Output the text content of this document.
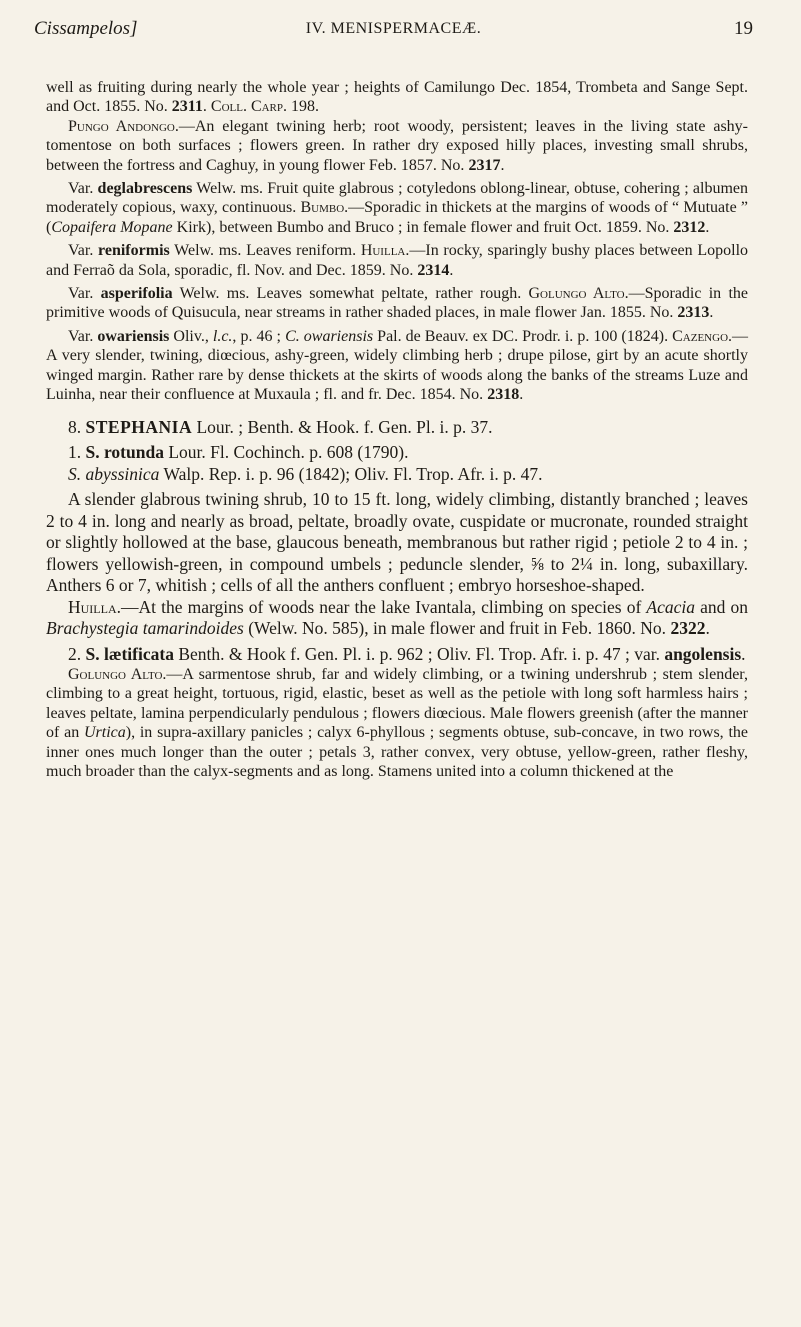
Cissampelos]	IV. MENISPERMACEÆ.	19

well as fruiting during nearly the whole year ; heights of Camilungo Dec. 1854, Trombeta and Sange Sept. and Oct. 1855. No. 2311. Coll. Carp. 198.

Pungo Andongo.—An elegant twining herb; root woody, persistent; leaves in the living state ashy-tomentose on both surfaces ; flowers green. In rather dry exposed hilly places, investing small shrubs, between the fortress and Caghuy, in young flower Feb. 1857. No. 2317.

Var. deglabrescens Welw. ms. Fruit quite glabrous ; cotyledons oblong-linear, obtuse, cohering ; albumen moderately copious, waxy, continuous. Bumbo.—Sporadic in thickets at the margins of woods of “ Mutuate ” (Copaifera Mopane Kirk), between Bumbo and Bruco ; in female flower and fruit Oct. 1859. No. 2312.

Var. reniformis Welw. ms. Leaves reniform. Huilla.—In rocky, sparingly bushy places between Lopollo and Ferraõ da Sola, sporadic, fl. Nov. and Dec. 1859. No. 2314.

Var. asperifolia Welw. ms. Leaves somewhat peltate, rather rough. Golungo Alto.—Sporadic in the primitive woods of Quisucula, near streams in rather shaded places, in male flower Jan. 1855. No. 2313.

Var. owariensis Oliv., l.c., p. 46 ; C. owariensis Pal. de Beauv. ex DC. Prodr. i. p. 100 (1824). Cazengo.—A very slender, twining, diœcious, ashy-green, widely climbing herb ; drupe pilose, girt by an acute shortly winged margin. Rather rare by dense thickets at the skirts of woods along the banks of the streams Luze and Luinha, near their confluence at Muxaula ; fl. and fr. Dec. 1854. No. 2318.

8. STEPHANIA Lour. ; Benth. & Hook. f. Gen. Pl. i. p. 37.

1. S. rotunda Lour. Fl. Cochinch. p. 608 (1790).

S. abyssinica Walp. Rep. i. p. 96 (1842); Oliv. Fl. Trop. Afr. i. p. 47.

A slender glabrous twining shrub, 10 to 15 ft. long, widely climbing, distantly branched ; leaves 2 to 4 in. long and nearly as broad, peltate, broadly ovate, cuspidate or mucronate, rounded straight or slightly hollowed at the base, glaucous beneath, membranous but rather rigid ; petiole 2 to 4 in. ; flowers yellowish-green, in compound umbels ; peduncle slender, ⅝ to 2¼ in. long, subaxillary. Anthers 6 or 7, whitish ; cells of all the anthers confluent ; embryo horseshoe-shaped.

Huilla.—At the margins of woods near the lake Ivantala, climbing on species of Acacia and on Brachystegia tamarindoides (Welw. No. 585), in male flower and fruit in Feb. 1860. No. 2322.

2. S. lætificata Benth. & Hook f. Gen. Pl. i. p. 962 ; Oliv. Fl. Trop. Afr. i. p. 47 ; var. angolensis.

Golungo Alto.—A sarmentose shrub, far and widely climbing, or a twining undershrub ; stem slender, climbing to a great height, tortuous, rigid, elastic, beset as well as the petiole with long soft harmless hairs ; leaves peltate, lamina perpendicularly pendulous ; flowers diœcious. Male flowers greenish (after the manner of an Urtica), in supra-axillary panicles ; calyx 6-phyllous ; segments obtuse, sub-concave, in two rows, the inner ones much longer than the outer ; petals 3, rather convex, very obtuse, yellow-green, rather fleshy, much broader than the calyx-segments and as long. Stamens united into a column thickened at the
